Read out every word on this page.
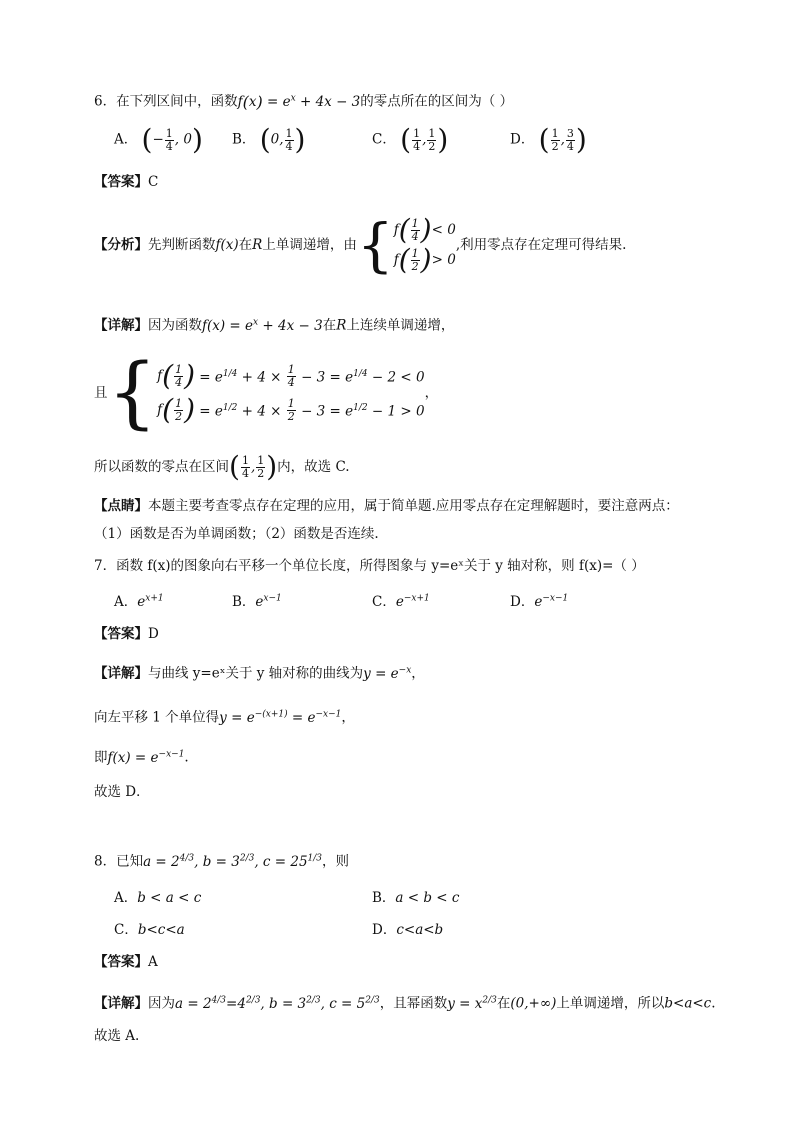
6．在下列区间中，函数$f(x) = e^x + 4x - 3$的零点所在的区间为（ ）
A． (− $\frac{1}{4}$ , 0) B． (0, $\frac{1}{4}$ )	C． ( $\frac{1}{4}$ , $\frac{1}{2}$ )	D． ( $\frac{1}{2}$ , $\frac{3}{4}$ )
【答案】C
【分析】 先判断函数 f(x) 在 R 上单调递增，由 { f ( $\frac{1}{4}$ ) < 0
f ( $\frac{1}{2}$ ) > 0
,利用零点存在定理可得结果.
【详解】因为函数$f(x) = e^x + 4x - 3$在R上连续单调递增，
且 { f ( $\frac{1}{4}$ ) = $e^{1/4} + 4 \times \frac{1}{4} - 3 = e^{1/4} - 2 < 0$
f ( $\frac{1}{2}$ ) = $e^{1/2} + 4 \times \frac{1}{2} - 3 = e^{1/2} - 1 > 0$
，
所以函数的零点在区间 ( $\frac{1}{4}$ , $\frac{1}{2}$ ) 内，故选 C.
【点睛】本题主要考查零点存在定理的应用，属于简单题.应用零点存在定理解题时，要注意两点：
（1）函数是否为单调函数；（2）函数是否连续.
7．函数 f(x)的图象向右平移一个单位长度，所得图象与 y=eˣ关于 y 轴对称，则 f(x)=（ ）
A．$e^{x+1}$	B．$e^{x-1}$	C．$e^{-x+1}$	D．$e^{-x-1}$
【答案】D
【详解】与曲线 y=eˣ关于 y 轴对称的曲线为$y = e^{-x}$，
向左平移 1 个单位得$y = e^{-(x+1)} = e^{-x-1}$，
即$f(x) = e^{-x-1}$.
故选 D．
8．已知$a = 2^{4/3}$, $b = 3^{2/3}$, $c = 25^{1/3}$，则
A．b < a < c	B．a < b < c
C．b<c<a	D．c<a<b
【答案】A
【详解】因为$a = 2^{4/3}=4^{2/3}$, $b = 3^{2/3}$, $c = 5^{2/3}$，且幂函数$y = x^{2/3}$在(0,+∞)上单调递增，所以b<a<c.
故选 A.
